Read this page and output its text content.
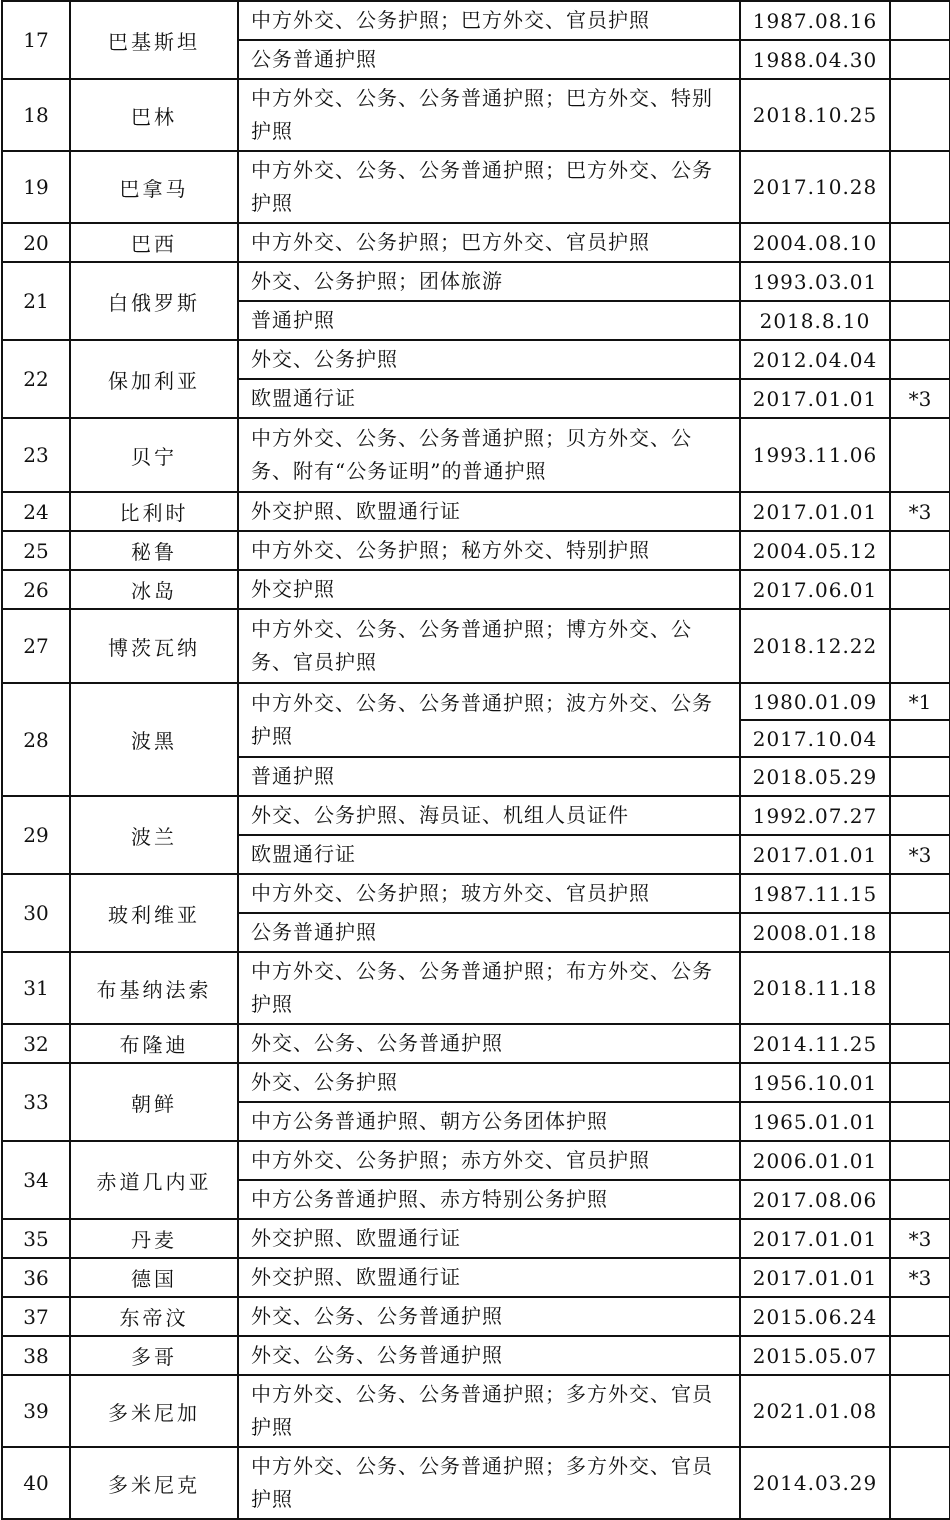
17	巴基斯坦	中方外交、公务护照；巴方外交、官员护照	1987.08.16	
		公务普通护照	1988.04.30	
18	巴林	中方外交、公务、公务普通护照；巴方外交、特别护照	2018.10.25	
19	巴拿马	中方外交、公务、公务普通护照；巴方外交、公务护照	2017.10.28	
20	巴西	中方外交、公务护照；巴方外交、官员护照	2004.08.10	
21	白俄罗斯	外交、公务护照；团体旅游	1993.03.01	
		普通护照	2018.8.10	
22	保加利亚	外交、公务护照	2012.04.04	
		欧盟通行证	2017.01.01	*3
23	贝宁	中方外交、公务、公务普通护照；贝方外交、公务、附有“公务证明”的普通护照	1993.11.06	
24	比利时	外交护照、欧盟通行证	2017.01.01	*3
25	秘鲁	中方外交、公务护照；秘方外交、特别护照	2004.05.12	
26	冰岛	外交护照	2017.06.01	
27	博茨瓦纳	中方外交、公务、公务普通护照；博方外交、公务、官员护照	2018.12.22	
28	波黑	中方外交、公务、公务普通护照；波方外交、公务护照	1980.01.09	*1
			2017.10.04	
		普通护照	2018.05.29	
29	波兰	外交、公务护照、海员证、机组人员证件	1992.07.27	
		欧盟通行证	2017.01.01	*3
30	玻利维亚	中方外交、公务护照；玻方外交、官员护照	1987.11.15	
		公务普通护照	2008.01.18	
31	布基纳法索	中方外交、公务、公务普通护照；布方外交、公务护照	2018.11.18	
32	布隆迪	外交、公务、公务普通护照	2014.11.25	
33	朝鲜	外交、公务护照	1956.10.01	
		中方公务普通护照、朝方公务团体护照	1965.01.01	
34	赤道几内亚	中方外交、公务护照；赤方外交、官员护照	2006.01.01	
		中方公务普通护照、赤方特别公务护照	2017.08.06	
35	丹麦	外交护照、欧盟通行证	2017.01.01	*3
36	德国	外交护照、欧盟通行证	2017.01.01	*3
37	东帝汶	外交、公务、公务普通护照	2015.06.24	
38	多哥	外交、公务、公务普通护照	2015.05.07	
39	多米尼加	中方外交、公务、公务普通护照；多方外交、官员护照	2021.01.08	
40	多米尼克	中方外交、公务、公务普通护照；多方外交、官员护照	2014.03.29	
